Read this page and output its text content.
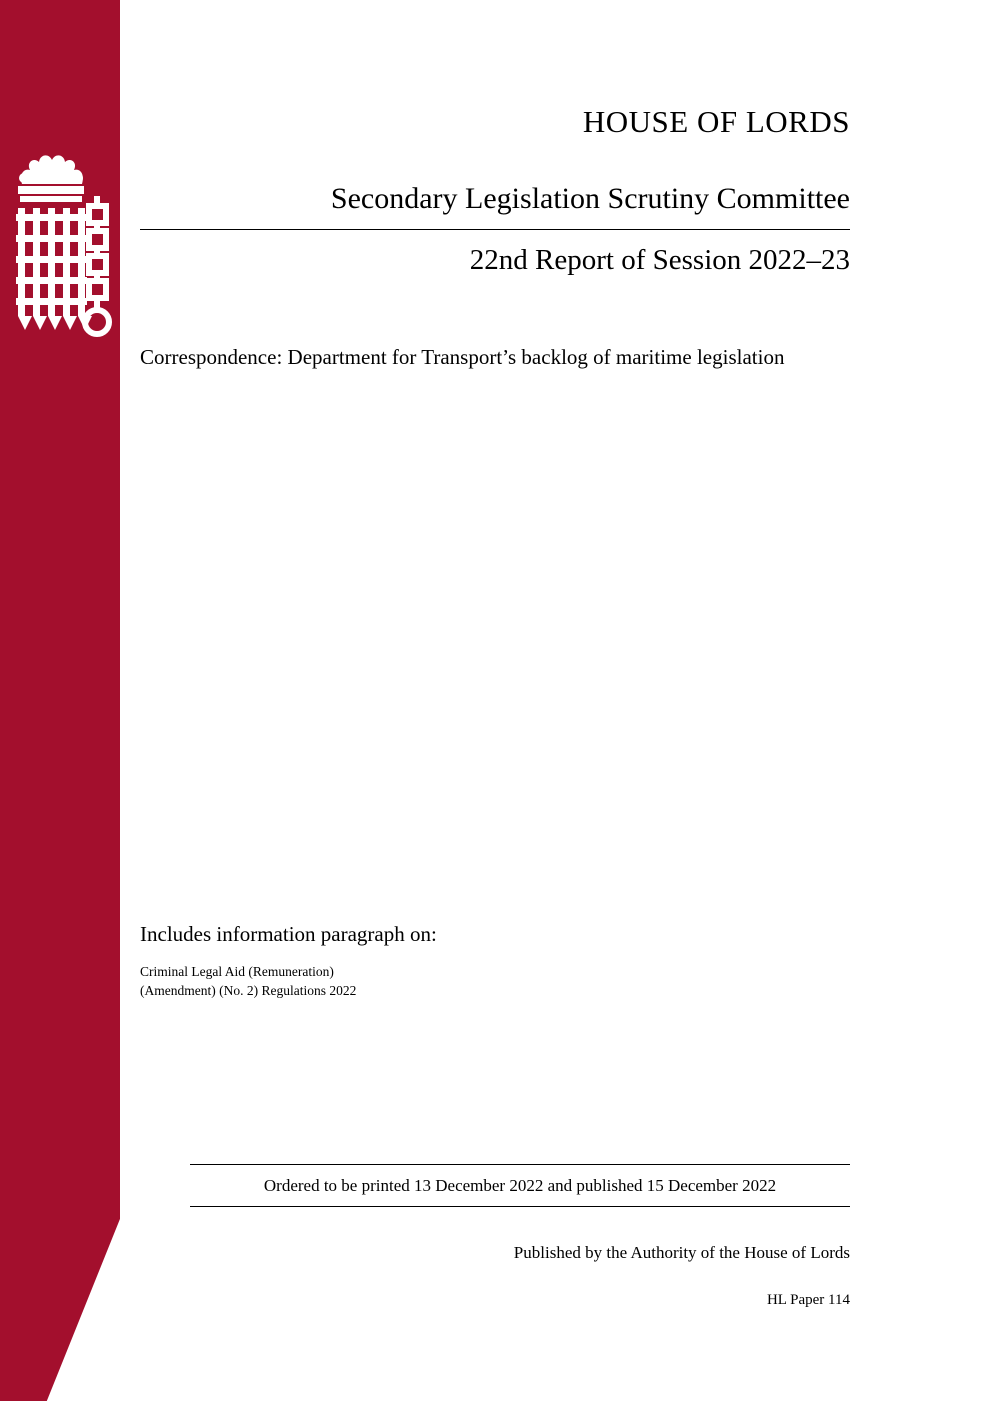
HOUSE OF LORDS
Secondary Legislation Scrutiny Committee
22nd Report of Session 2022–23
Correspondence: Department for Transport’s backlog of maritime legislation
Includes information paragraph on:
Criminal Legal Aid (Remuneration)
(Amendment) (No. 2) Regulations 2022
Ordered to be printed 13 December 2022 and published 15 December 2022
Published by the Authority of the House of Lords
HL Paper 114
